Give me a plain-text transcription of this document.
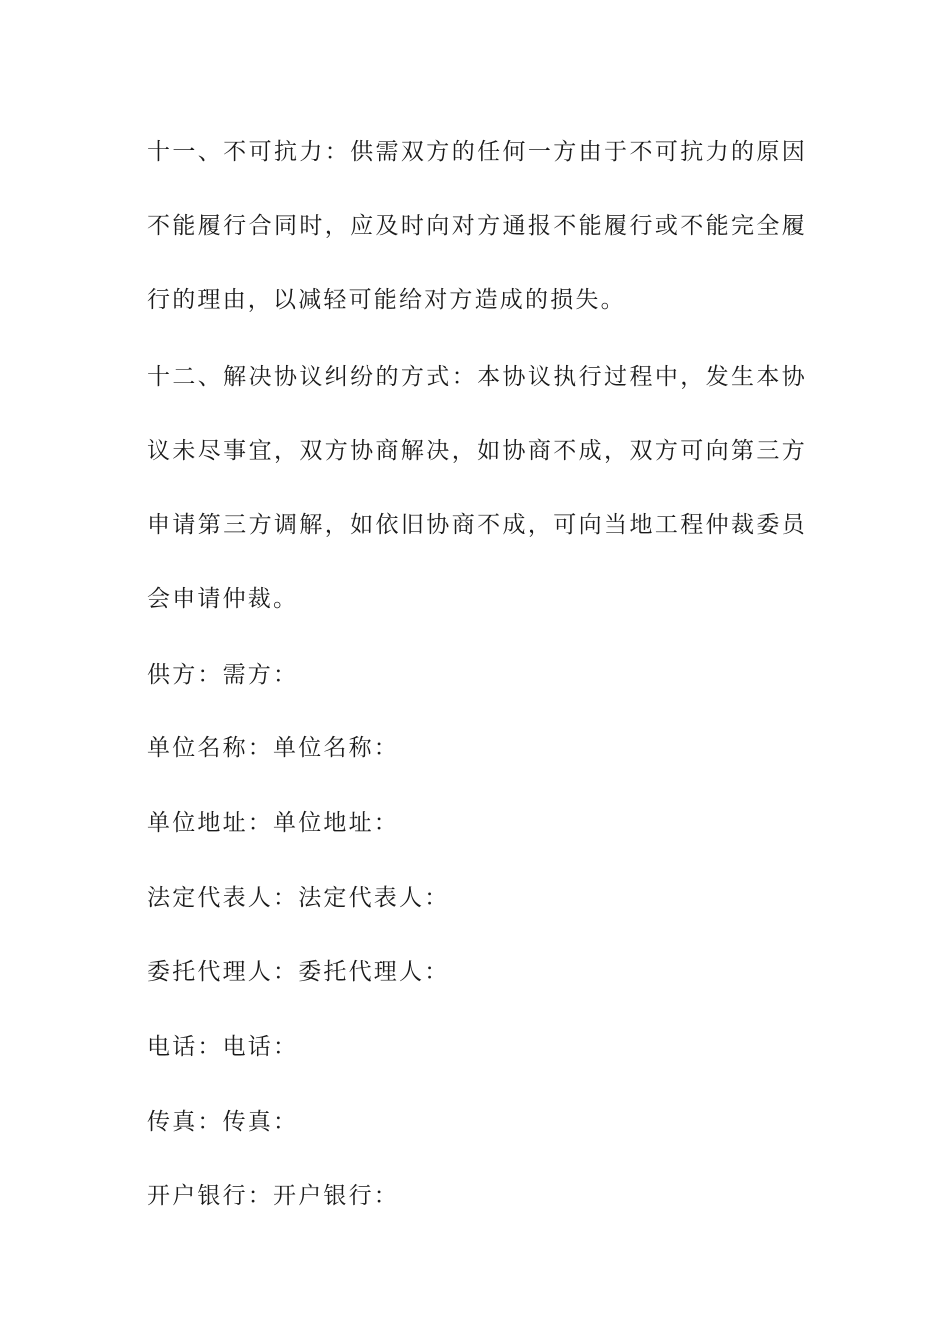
十一、不可抗力：供需双方的任何一方由于不可抗力的原因不能履行合同时，应及时向对方通报不能履行或不能完全履行的理由，以减轻可能给对方造成的损失。

十二、解决协议纠纷的方式：本协议执行过程中，发生本协议未尽事宜，双方协商解决，如协商不成，双方可向第三方申请第三方调解，如依旧协商不成，可向当地工程仲裁委员会申请仲裁。

供方：需方：

单位名称：单位名称：

单位地址：单位地址：

法定代表人：法定代表人：

委托代理人：委托代理人：

电话：电话：

传真：传真：

开户银行：开户银行：
